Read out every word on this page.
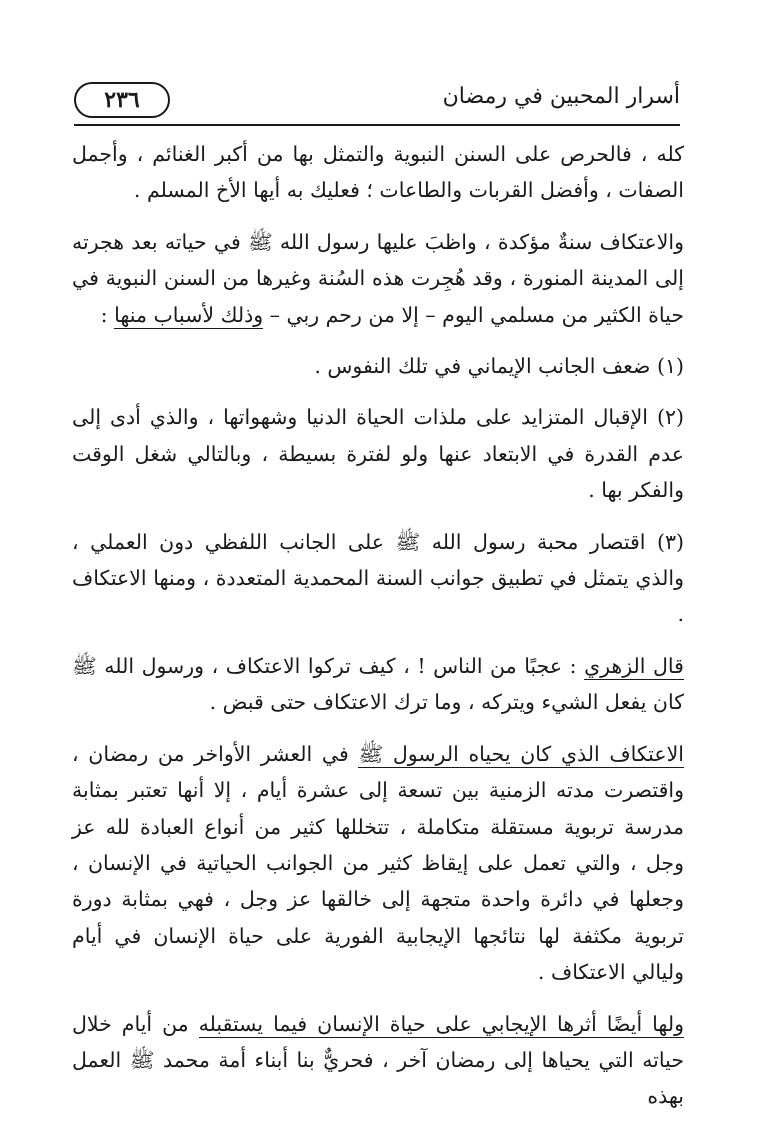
٢٣٦	أسرار المحبين في رمضان

كله ، فالحرص على السنن النبوية والتمثل بها من أكبر الغنائم ، وأجمل الصفات ، وأفضل القربات والطاعات ؛ فعليك به أيها الأخ المسلم .

والاعتكاف سنةٌ مؤكدة ، واظبَ عليها رسول الله ﷺ في حياته بعد هجرته إلى المدينة المنورة ، وقد هُجِرت هذه السُنة وغيرها من السنن النبوية في حياة الكثير من مسلمي اليوم – إلا من رحم ربي – وذلك لأسباب منها :

(١) ضعف الجانب الإيماني في تلك النفوس .

(٢) الإقبال المتزايد على ملذات الحياة الدنيا وشهواتها ، والذي أدى إلى عدم القدرة في الابتعاد عنها ولو لفترة بسيطة ، وبالتالي شغل الوقت والفكر بها .

(٣) اقتصار محبة رسول الله ﷺ على الجانب اللفظي دون العملي ، والذي يتمثل في تطبيق جوانب السنة المحمدية المتعددة ، ومنها الاعتكاف .

قال الزهري : عجبًا من الناس ! ، كيف تركوا الاعتكاف ، ورسول الله ﷺ كان يفعل الشيء ويتركه ، وما ترك الاعتكاف حتى قبض .

الاعتكاف الذي كان يحياه الرسول ﷺ في العشر الأواخر من رمضان ، واقتصرت مدته الزمنية بين تسعة إلى عشرة أيام ، إلا أنها تعتبر بمثابة مدرسة تربوية مستقلة متكاملة ، تتخللها كثير من أنواع العبادة لله عز وجل ، والتي تعمل على إيقاظ كثير من الجوانب الحياتية في الإنسان ، وجعلها في دائرة واحدة متجهة إلى خالقها عز وجل ، فهي بمثابة دورة تربوية مكثفة لها نتائجها الإيجابية الفورية على حياة الإنسان في أيام وليالي الاعتكاف .

ولها أيضًا أثرها الإيجابي على حياة الإنسان فيما يستقبله من أيام خلال حياته التي يحياها إلى رمضان آخر ، فحريٌّ بنا أبناء أمة محمد ﷺ العمل بهذه
